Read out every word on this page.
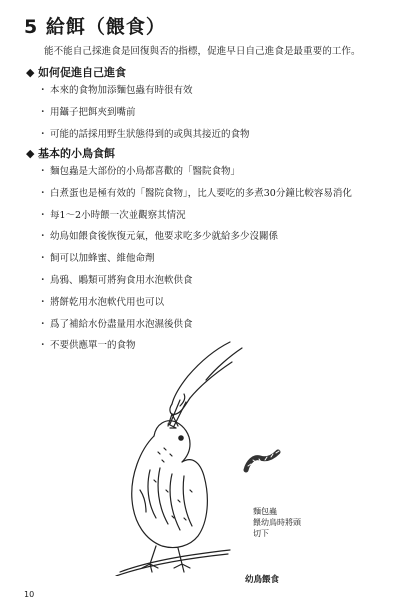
5 給餌（餵食）
能不能自己採進食是回復與否的指標，促進早日自己進食是最重要的工作。
◆ 如何促進自己進食
・ 本來的食物加添麵包蟲有時很有效
・ 用鑷子把餌夾到嘴前
・ 可能的話採用野生狀態得到的或與其接近的食物
◆ 基本的小鳥食餌
・ 麵包蟲是大部份的小鳥都喜歡的「醫院食物」
・ 白煮蛋也是極有效的「醫院食物」，比人要吃的多煮30分鐘比較容易消化
・ 每1～2小時餵一次並觀察其情況
・ 幼鳥如餵食後恢復元氣，他要求吃多少就給多少沒關係
・ 飼可以加蜂蜜、維他命劑
・ 鳥鴉、鵰類可將狗食用水泡軟供食
・ 將餅乾用水泡軟代用也可以
・ 爲了補給水份盡量用水泡濕後供食
・ 不要供應單一的食物
麵包蟲
餵幼鳥時將頭
切下
幼鳥餵食
10
